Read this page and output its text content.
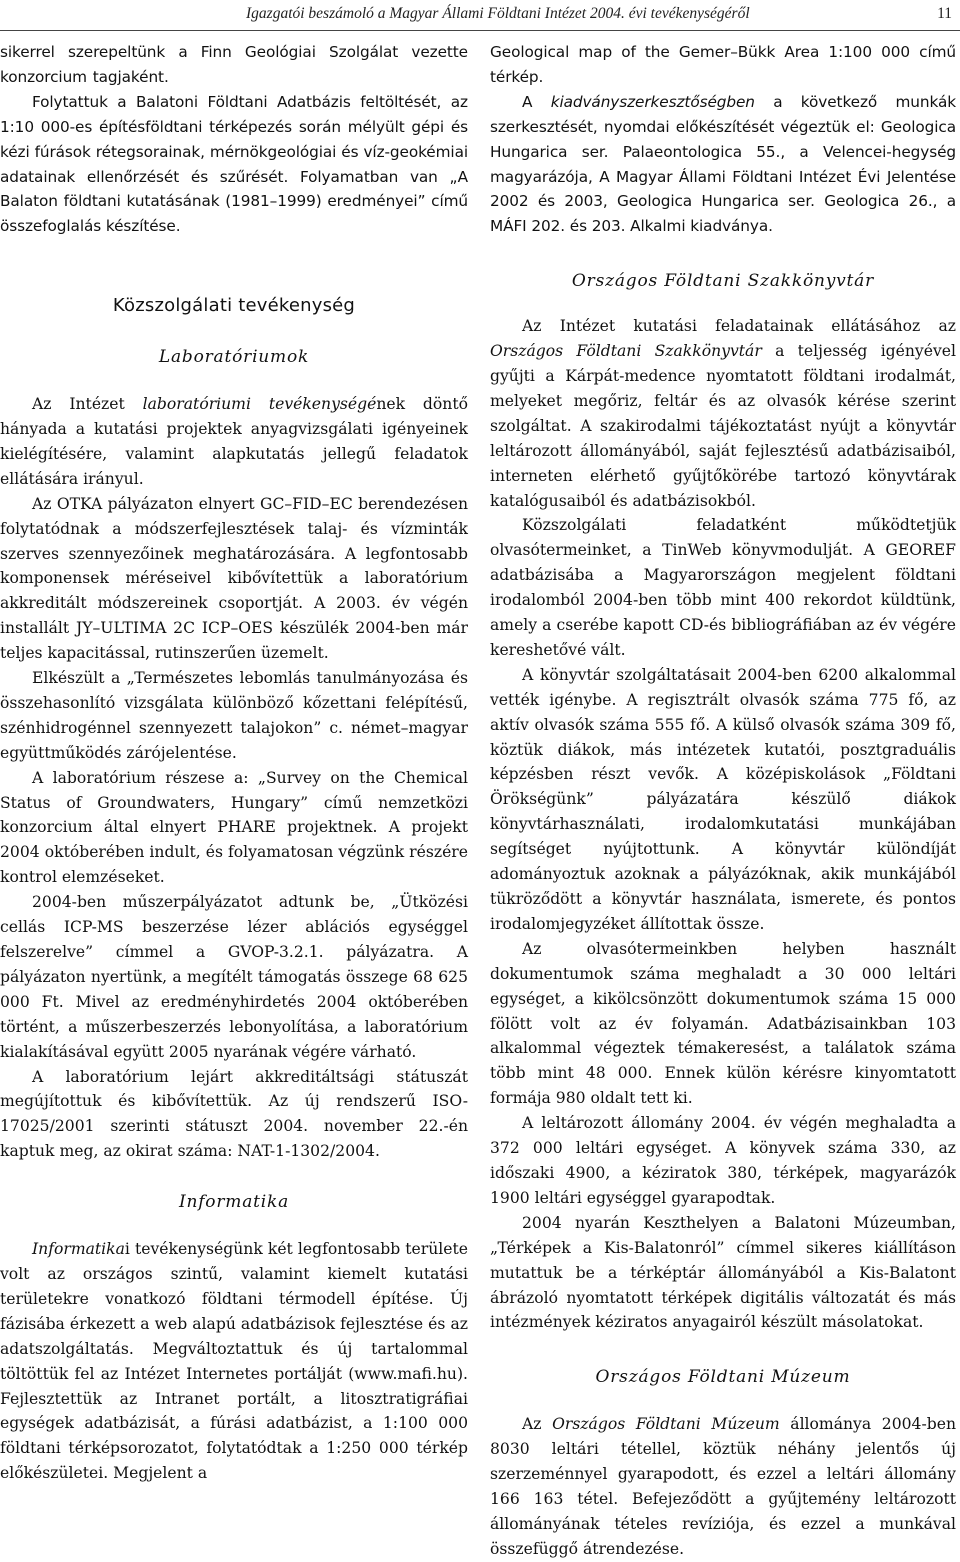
Igazgatói beszámoló a Magyar Állami Földtani Intézet 2004. évi tevékenységéről	11

sikerrel szerepeltünk a Finn Geológiai Szolgálat vezette konzorcium tagjaként.

Folytattuk a Balatoni Földtani Adatbázis feltöltését, az 1:10 000-es építésföldtani térképezés során mélyült gépi és kézi fúrások rétegsorainak, mérnökgeológiai és víz-geokémiai adatainak ellenőrzését és szűrését. Folyamatban van „A Balaton földtani kutatásának (1981–1999) eredményei” című összefoglalás készítése.

Közszolgálati tevékenység
Laboratóriumok

Az Intézet laboratóriumi tevékenységének döntő hányada a kutatási projektek anyagvizsgálati igényeinek kielégítésére, valamint alapkutatás jellegű feladatok ellátására irányul.

Az OTKA pályázaton elnyert GC–FID–EC berendezésen folytatódnak a módszerfejlesztések talaj- és vízminták szerves szennyezőinek meghatározására. A legfontosabb komponensek méréseivel kibővítettük a laboratórium akkreditált módszereinek csoportját. A 2003. év végén installált JY–ULTIMA 2C ICP–OES készülék 2004-ben már teljes kapacitással, rutinszerűen üzemelt.

Elkészült a „Természetes lebomlás tanulmányozása és összehasonlító vizsgálata különböző kőzettani felépítésű, szénhidrogénnel szennyezett talajokon” c. német–magyar együttműködés zárójelentése.

A laboratórium részese a: „Survey on the Chemical Status of Groundwaters, Hungary” című nemzetközi konzorcium által elnyert PHARE projektnek. A projekt 2004 októberében indult, és folyamatosan végzünk részére kontrol elemzéseket.

2004-ben műszerpályázatot adtunk be, „Ütközési cellás ICP-MS beszerzése lézer ablációs egységgel felszerelve” címmel a GVOP-3.2.1. pályázatra. A pályázaton nyertünk, a megítélt támogatás összege 68 625 000 Ft. Mivel az eredményhirdetés 2004 októberében történt, a műszerbeszerzés lebonyolítása, a laboratórium kialakításával együtt 2005 nyarának végére várható.

A laboratórium lejárt akkreditáltsági státuszát megújítottuk és kibővítettük. Az új rendszerű ISO-17025/2001 szerinti státuszt 2004. november 22.-én kaptuk meg, az okirat száma: NAT-1-1302/2004.

Informatika

Informatikai tevékenységünk két legfontosabb területe volt az országos szintű, valamint kiemelt kutatási területekre vonatkozó földtani térmodell építése. Új fázisába érkezett a web alapú adatbázisok fejlesztése és az adatszolgáltatás. Megváltoztattuk és új tartalommal töltöttük fel az Intézet Internetes portálját (www.mafi.hu). Fejlesztettük az Intranet portált, a litosztratigráfiai egységek adatbázisát, a fúrási adatbázist, a 1:100 000 földtani térképsorozatot, folytatódtak a 1:250 000 térkép előkészületei. Megjelent a

Geological map of the Gemer–Bükk Area 1:100 000 című térkép.

A kiadványszerkesztőségben a következő munkák szerkesztését, nyomdai előkészítését végeztük el: Geologica Hungarica ser. Palaeontologica 55., a Velencei-hegység magyarázója, A Magyar Állami Földtani Intézet Évi Jelentése 2002 és 2003, Geologica Hungarica ser. Geologica 26., a MÁFI 202. és 203. Alkalmi kiadványa.

Országos Földtani Szakkönyvtár

Az Intézet kutatási feladatainak ellátásához az Országos Földtani Szakkönyvtár a teljesség igényével gyűjti a Kárpát-medence nyomtatott földtani irodalmát, melyeket megőriz, feltár és az olvasók kérése szerint szolgáltat. A szakirodalmi tájékoztatást nyújt a könyvtár leltározott állományából, saját fejlesztésű adatbázisaiból, interneten elérhető gyűjtőkörébe tartozó könyvtárak katalógusaiból és adatbázisokból.

Közszolgálati feladatként működtetjük olvasótermeinket, a TinWeb könyvmodulját. A GEOREF adatbázisába a Magyarországon megjelent földtani irodalomból 2004-ben több mint 400 rekordot küldtünk, amely a cserébe kapott CD-és bibliográfiában az év végére kereshetővé vált.

A könyvtár szolgáltatásait 2004-ben 6200 alkalommal vették igénybe. A regisztrált olvasók száma 775 fő, az aktív olvasók száma 555 fő. A külső olvasók száma 309 fő, köztük diákok, más intézetek kutatói, posztgraduális képzésben részt vevők. A középiskolások „Földtani Örökségünk” pályázatára készülő diákok könyvtárhasználati, irodalomkutatási munkájában segítséget nyújtottunk. A könyvtár különdíját adományoztuk azoknak a pályázóknak, akik munkájából tükröződött a könyvtár használata, ismerete, és pontos irodalomjegyzéket állítottak össze.

Az olvasótermeinkben helyben használt dokumentumok száma meghaladt a 30 000 leltári egységet, a kikölcsönzött dokumentumok száma 15 000 fölött volt az év folyamán. Adatbázisainkban 103 alkalommal végeztek témakeresést, a találatok száma több mint 48 000. Ennek külön kérésre kinyomtatott formája 980 oldalt tett ki.

A leltározott állomány 2004. év végén meghaladta a 372 000 leltári egységet. A könyvek száma 330, az időszaki 4900, a kéziratok 380, térképek, magyarázók 1900 leltári egységgel gyarapodtak.

2004 nyarán Keszthelyen a Balatoni Múzeumban, „Térképek a Kis-Balatonról” címmel sikeres kiállításon mutattuk be a térképtár állományából a Kis-Balatont ábrázoló nyomtatott térképek digitális változatát és más intézmények kéziratos anyagairól készült másolatokat.

Országos Földtani Múzeum

Az Országos Földtani Múzeum állománya 2004-ben 8030 leltári tétellel, köztük néhány jelentős új szerzeménnyel gyarapodott, és ezzel a leltári állomány 166 163 tétel. Befejeződött a gyűjtemény leltározott állományának tételes revíziója, és ezzel a munkával összefüggő átrendezése.
